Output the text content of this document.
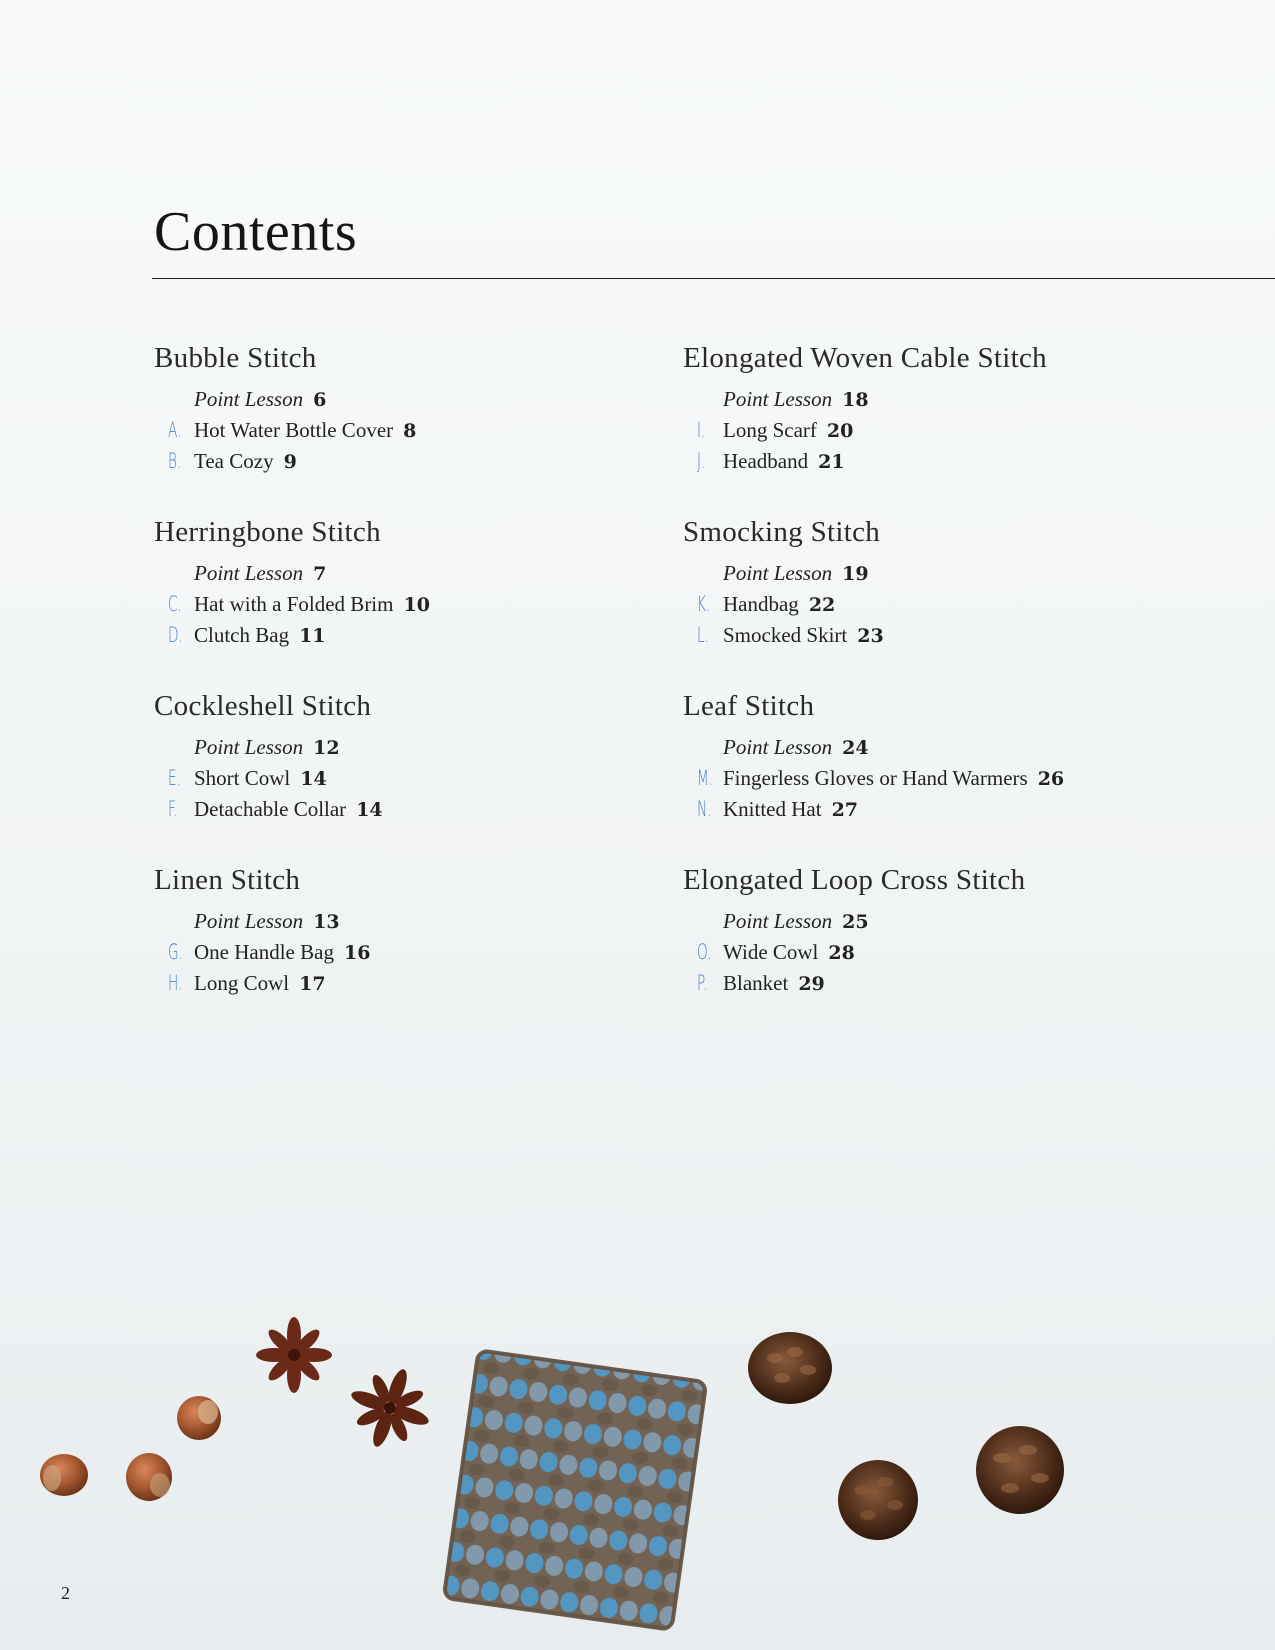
Contents
Bubble Stitch
Point Lesson 6
A. Hot Water Bottle Cover 8
B. Tea Cozy 9
Herringbone Stitch
Point Lesson 7
C. Hat with a Folded Brim 10
D. Clutch Bag 11
Cockleshell Stitch
Point Lesson 12
E. Short Cowl 14
F. Detachable Collar 14
Linen Stitch
Point Lesson 13
G. One Handle Bag 16
H. Long Cowl 17
Elongated Woven Cable Stitch
Point Lesson 18
I. Long Scarf 20
J. Headband 21
Smocking Stitch
Point Lesson 19
K. Handbag 22
L. Smocked Skirt 23
Leaf Stitch
Point Lesson 24
M. Fingerless Gloves or Hand Warmers 26
N. Knitted Hat 27
Elongated Loop Cross Stitch
Point Lesson 25
O. Wide Cowl 28
P. Blanket 29
2
